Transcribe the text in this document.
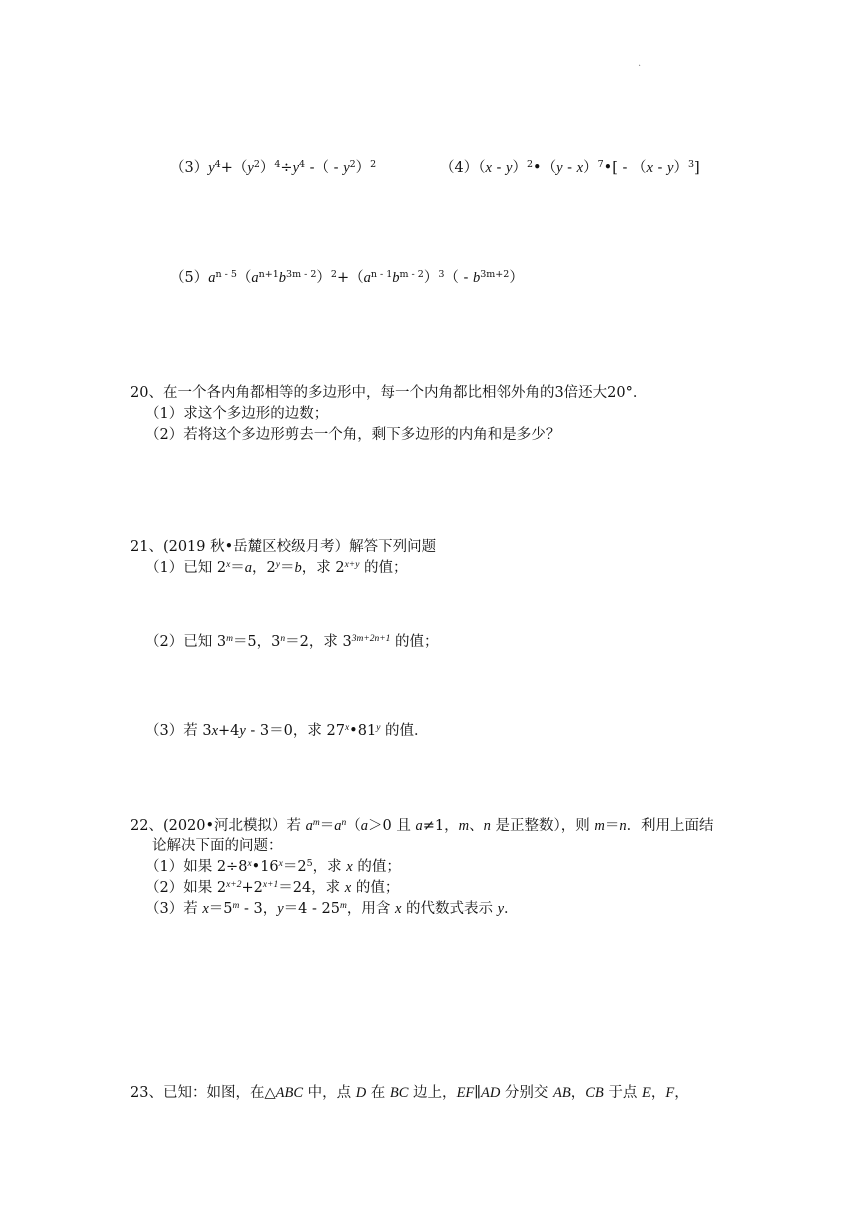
.
$(3)y^4+(y^2)^4\div y^4$ -（ - $y^2)^2$	（4）（x - y）$^2$•（y - x）$^7$•[ - （x - y）$^3$]
$(5)a^{n - 5}(a^{n+1}b^{3m - 2})^2+(a^{n - 1}b^{m - 2})^3( - b^{3m+2})$
20、在一个各内角都相等的多边形中，每一个内角都比相邻外角的3倍还大20°．
（1）求这个多边形的边数；
（2）若将这个多边形剪去一个角，剩下多边形的内角和是多少？
21、(2019 秋•岳麓区校级月考）解答下列问题
（1）已知 $2^x=a$，$2^y=b$，求 $2^{x+y}$ 的值；
（2）已知 $3^m=5$，$3^n=2$，求 $3^{3m+2n+1}$ 的值；
（3）若 3x+4y - 3＝0，求 27$^x$•81$^y$ 的值．
22、(2020•河北模拟）若 $a^m=a^n(a>0$ 且 a≠1，m、n 是正整数），则 m＝n．利用上面结
论解决下面的问题：
（1）如果 $2\div 8^x•16^x=2^5$，求 x 的值；
（2）如果 $2^{x+2}+2^{x+1}=24$，求 x 的值；
（3）若 $x=5^m - 3$，y＝4 - 25$^m$，用含 x 的代数式表示 y．
23、已知：如图，在△ABC 中，点 D 在 BC 边上，EF∥AD 分别交 AB，CB 于点 E，F，
